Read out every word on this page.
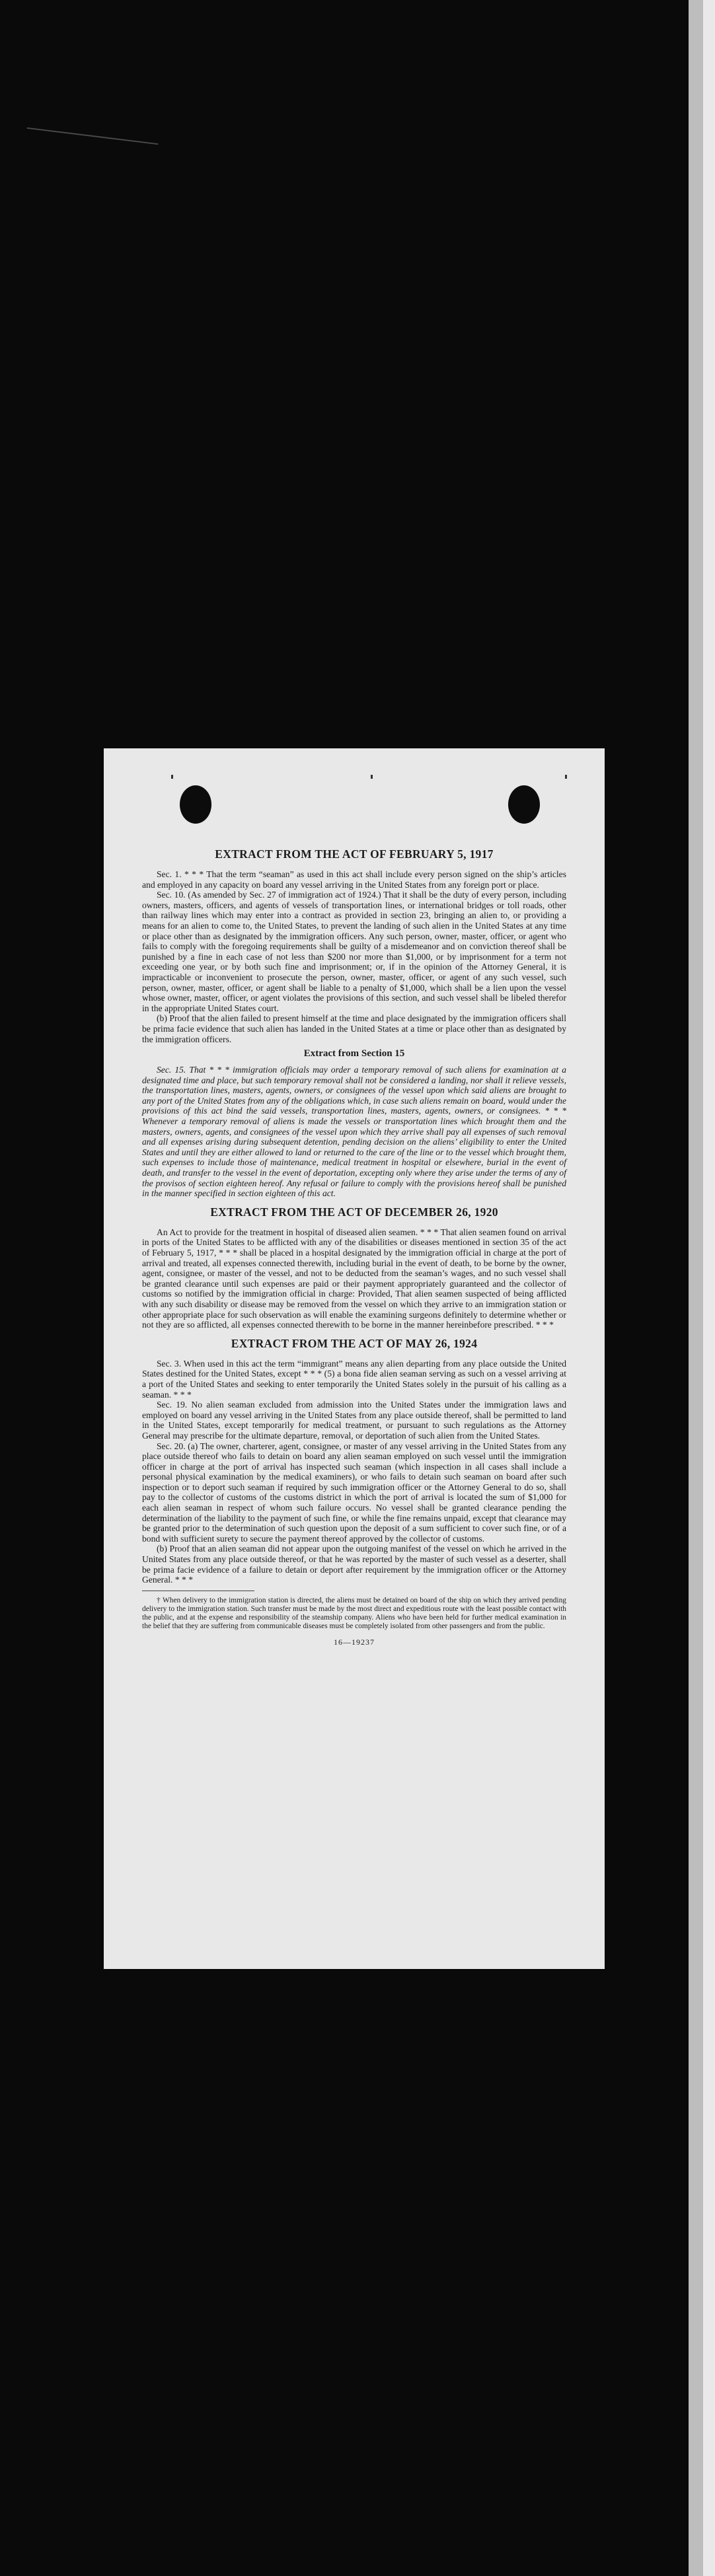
EXTRACT FROM THE ACT OF FEBRUARY 5, 1917

Sec. 1. * * * That the term “seaman” as used in this act shall include every person signed on the ship’s articles and employed in any capacity on board any vessel arriving in the United States from any foreign port or place.

Sec. 10. (As amended by Sec. 27 of immigration act of 1924.) That it shall be the duty of every person, including owners, masters, officers, and agents of vessels of transportation lines, or international bridges or toll roads, other than railway lines which may enter into a contract as provided in section 23, bringing an alien to, or providing a means for an alien to come to, the United States, to prevent the landing of such alien in the United States at any time or place other than as designated by the immigration officers. Any such person, owner, master, officer, or agent who fails to comply with the foregoing requirements shall be guilty of a misdemeanor and on conviction thereof shall be punished by a fine in each case of not less than $200 nor more than $1,000, or by imprisonment for a term not exceeding one year, or by both such fine and imprisonment; or, if in the opinion of the Attorney General, it is impracticable or inconvenient to prosecute the person, owner, master, officer, or agent of any such vessel, such person, owner, master, officer, or agent shall be liable to a penalty of $1,000, which shall be a lien upon the vessel whose owner, master, officer, or agent violates the provisions of this section, and such vessel shall be libeled therefor in the appropriate United States court.

(b) Proof that the alien failed to present himself at the time and place designated by the immigration officers shall be prima facie evidence that such alien has landed in the United States at a time or place other than as designated by the immigration officers.

Extract from Section 15

Sec. 15. That * * * immigration officials may order a temporary removal of such aliens for examination at a designated time and place, but such temporary removal shall not be considered a landing, nor shall it relieve vessels, the transportation lines, masters, agents, owners, or consignees of the vessel upon which said aliens are brought to any port of the United States from any of the obligations which, in case such aliens remain on board, would under the provisions of this act bind the said vessels, transportation lines, masters, agents, owners, or consignees. * * * Whenever a temporary removal of aliens is made the vessels or transportation lines which brought them and the masters, owners, agents, and consignees of the vessel upon which they arrive shall pay all expenses of such removal and all expenses arising during subsequent detention, pending decision on the aliens’ eligibility to enter the United States and until they are either allowed to land or returned to the care of the line or to the vessel which brought them, such expenses to include those of maintenance, medical treatment in hospital or elsewhere, burial in the event of death, and transfer to the vessel in the event of deportation, excepting only where they arise under the terms of any of the provisos of section eighteen hereof. Any refusal or failure to comply with the provisions hereof shall be punished in the manner specified in section eighteen of this act.

EXTRACT FROM THE ACT OF DECEMBER 26, 1920

An Act to provide for the treatment in hospital of diseased alien seamen. * * * That alien seamen found on arrival in ports of the United States to be afflicted with any of the disabilities or diseases mentioned in section 35 of the act of February 5, 1917, * * * shall be placed in a hospital designated by the immigration official in charge at the port of arrival and treated, all expenses connected therewith, including burial in the event of death, to be borne by the owner, agent, consignee, or master of the vessel, and not to be deducted from the seaman’s wages, and no such vessel shall be granted clearance until such expenses are paid or their payment appropriately guaranteed and the collector of customs so notified by the immigration official in charge: Provided, That alien seamen suspected of being afflicted with any such disability or disease may be removed from the vessel on which they arrive to an immigration station or other appropriate place for such observation as will enable the examining surgeons definitely to determine whether or not they are so afflicted, all expenses connected therewith to be borne in the manner hereinbefore prescribed. * * *

EXTRACT FROM THE ACT OF MAY 26, 1924

Sec. 3. When used in this act the term “immigrant” means any alien departing from any place outside the United States destined for the United States, except * * * (5) a bona fide alien seaman serving as such on a vessel arriving at a port of the United States and seeking to enter temporarily the United States solely in the pursuit of his calling as a seaman. * * *

Sec. 19. No alien seaman excluded from admission into the United States under the immigration laws and employed on board any vessel arriving in the United States from any place outside thereof, shall be permitted to land in the United States, except temporarily for medical treatment, or pursuant to such regulations as the Attorney General may prescribe for the ultimate departure, removal, or deportation of such alien from the United States.

Sec. 20. (a) The owner, charterer, agent, consignee, or master of any vessel arriving in the United States from any place outside thereof who fails to detain on board any alien seaman employed on such vessel until the immigration officer in charge at the port of arrival has inspected such seaman (which inspection in all cases shall include a personal physical examination by the medical examiners), or who fails to detain such seaman on board after such inspection or to deport such seaman if required by such immigration officer or the Attorney General to do so, shall pay to the collector of customs of the customs district in which the port of arrival is located the sum of $1,000 for each alien seaman in respect of whom such failure occurs. No vessel shall be granted clearance pending the determination of the liability to the payment of such fine, or while the fine remains unpaid, except that clearance may be granted prior to the determination of such question upon the deposit of a sum sufficient to cover such fine, or of a bond with sufficient surety to secure the payment thereof approved by the collector of customs.

(b) Proof that an alien seaman did not appear upon the outgoing manifest of the vessel on which he arrived in the United States from any place outside thereof, or that he was reported by the master of such vessel as a deserter, shall be prima facie evidence of a failure to detain or deport after requirement by the immigration officer or the Attorney General. * * *

† When delivery to the immigration station is directed, the aliens must be detained on board of the ship on which they arrived pending delivery to the immigration station. Such transfer must be made by the most direct and expeditious route with the least possible contact with the public, and at the expense and responsibility of the steamship company. Aliens who have been held for further medical examination in the belief that they are suffering from communicable diseases must be completely isolated from other passengers and from the public.

16—19237
